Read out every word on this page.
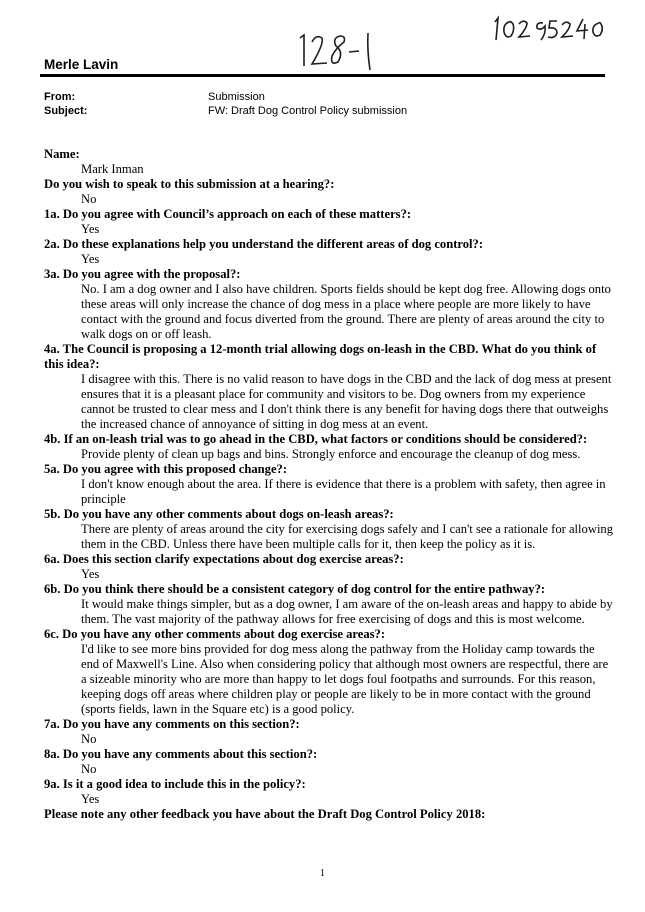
Merle Lavin
From:	Submission
Subject:	FW: Draft Dog Control Policy submission
Name:
Mark Inman
Do you wish to speak to this submission at a hearing?:
No
1a. Do you agree with Council’s approach on each of these matters?:
Yes
2a. Do these explanations help you understand the different areas of dog control?:
Yes
3a. Do you agree with the proposal?:
No. I am a dog owner and I also have children. Sports fields should be kept dog free. Allowing dogs onto these areas will only increase the chance of dog mess in a place where people are more likely to have contact with the ground and focus diverted from the ground. There are plenty of areas around the city to walk dogs on or off leash.
4a. The Council is proposing a 12-month trial allowing dogs on-leash in the CBD. What do you think of this idea?:
I disagree with this. There is no valid reason to have dogs in the CBD and the lack of dog mess at present ensures that it is a pleasant place for community and visitors to be. Dog owners from my experience cannot be trusted to clear mess and I don't think there is any benefit for having dogs there that outweighs the increased chance of annoyance of sitting in dog mess at an event.
4b. If an on-leash trial was to go ahead in the CBD, what factors or conditions should be considered?:
Provide plenty of clean up bags and bins. Strongly enforce and encourage the cleanup of dog mess.
5a. Do you agree with this proposed change?:
I don't know enough about the area. If there is evidence that there is a problem with safety, then agree in principle
5b. Do you have any other comments about dogs on-leash areas?:
There are plenty of areas around the city for exercising dogs safely and I can't see a rationale for allowing them in the CBD. Unless there have been multiple calls for it, then keep the policy as it is.
6a. Does this section clarify expectations about dog exercise areas?:
Yes
6b. Do you think there should be a consistent category of dog control for the entire pathway?:
It would make things simpler, but as a dog owner, I am aware of the on-leash areas and happy to abide by them. The vast majority of the pathway allows for free exercising of dogs and this is most welcome.
6c. Do you have any other comments about dog exercise areas?:
I'd like to see more bins provided for dog mess along the pathway from the Holiday camp towards the end of Maxwell's Line. Also when considering policy that although most owners are respectful, there are a sizeable minority who are more than happy to let dogs foul footpaths and surrounds. For this reason, keeping dogs off areas where children play or people are likely to be in more contact with the ground (sports fields, lawn in the Square etc) is a good policy.
7a. Do you have any comments on this section?:
No
8a. Do you have any comments about this section?:
No
9a. Is it a good idea to include this in the policy?:
Yes
Please note any other feedback you have about the Draft Dog Control Policy 2018:
1
